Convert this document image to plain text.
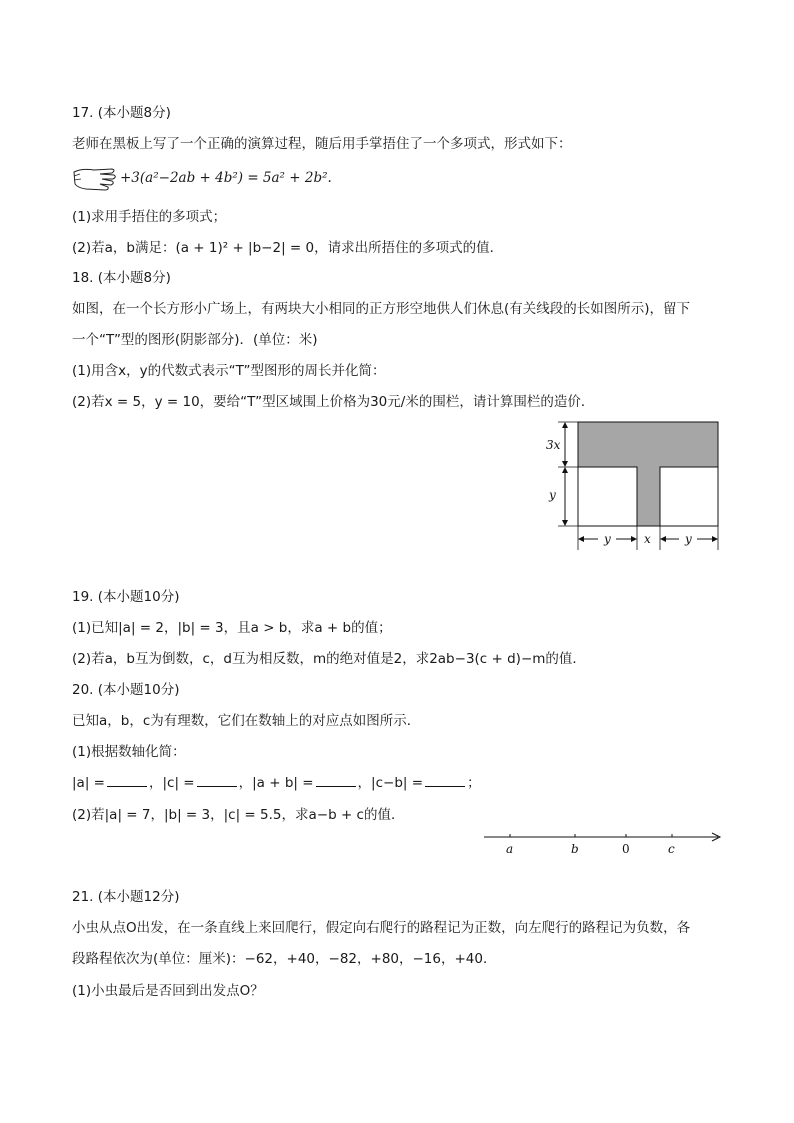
17. (本小题8分)
老师在黑板上写了一个正确的演算过程，随后用手掌捂住了一个多项式，形式如下：
+3(a²−2ab + 4b²) = 5a² + 2b².
(1)求用手捂住的多项式；
(2)若a，b满足：(a + 1)² + |b−2| = 0，请求出所捂住的多项式的值．
18. (本小题8分)
如图，在一个长方形小广场上，有两块大小相同的正方形空地供人们休息(有关线段的长如图所示)，留下
一个“T”型的图形(阴影部分)．(单位：米)
(1)用含x，y的代数式表示“T”型图形的周长并化简：
(2)若x = 5，y = 10，要给“T”型区域围上价格为30元/米的围栏，请计算围栏的造价．
3x
y
y	x	y
19. (本小题10分)
(1)已知|a| = 2，|b| = 3，且a > b，求a + b的值；
(2)若a，b互为倒数，c，d互为相反数，m的绝对值是2，求2ab−3(c + d)−m的值．
20. (本小题10分)
已知a，b，c为有理数，它们在数轴上的对应点如图所示．
(1)根据数轴化简：
|a| =	，|c| =	，|a + b| =	，|c−b| =	；
(2)若|a| = 7，|b| = 3，|c| = 5.5，求a−b + c的值．
a	b	0	c
21. (本小题12分)
小虫从点O出发，在一条直线上来回爬行，假定向右爬行的路程记为正数，向左爬行的路程记为负数，各
段路程依次为(单位：厘米)：−62，+40，−82，+80，−16，+40．
(1)小虫最后是否回到出发点O？
